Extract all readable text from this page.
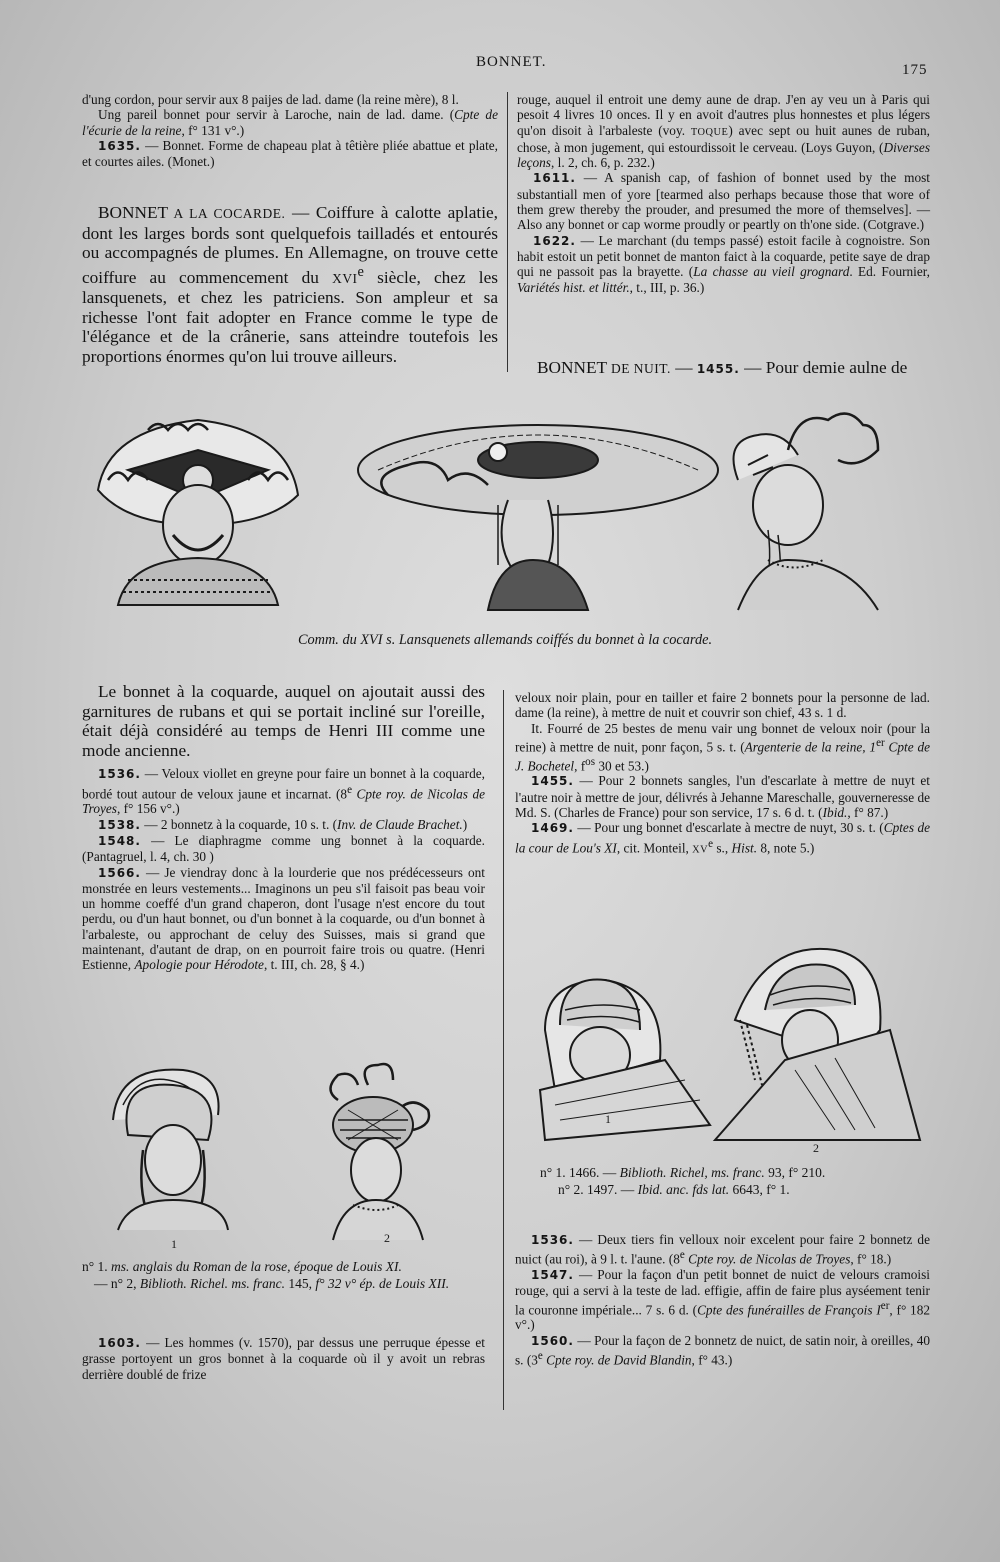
BONNET.	175

d'ung cordon, pour servir aux 8 paijes de lad. dame (la reine mère), 8 l.

Ung pareil bonnet pour servir à Laroche, nain de lad. dame. (Cpte de l'écurie de la reine, f° 131 v°.)

1635. — Bonnet. Forme de chapeau plat à têtière pliée abattue et plate, et courtes ailes. (Monet.)

BONNET A LA COCARDE. — Coiffure à calotte aplatie, dont les larges bords sont quelquefois tailladés et entourés ou accompagnés de plumes. En Allemagne, on trouve cette coiffure au commencement du XVIe siècle, chez les lansquenets, et chez les patriciens. Son ampleur et sa richesse l'ont fait adopter en France comme le type de l'élégance et de la crânerie, sans atteindre toutefois les proportions énormes qu'on lui trouve ailleurs.

rouge, auquel il entroit une demy aune de drap. J'en ay veu un à Paris qui pesoit 4 livres 10 onces. Il y en avoit d'autres plus honnestes et plus légers qu'on disoit à l'arbaleste (voy. TOQUE) avec sept ou huit aunes de ruban, chose, à mon jugement, qui estourdissoit le cerveau. (Loys Guyon, (Diverses leçons, l. 2, ch. 6, p. 232.)

1611. — A spanish cap, of fashion of bonnet used by the most substantiall men of yore [tearmed also perhaps because those that wore of them grew thereby the prouder, and presumed the more of themselves]. — Also any bonnet or cap worme proudly or peartly on th'one side. (Cotgrave.)

1622. — Le marchant (du temps passé) estoit facile à cognoistre. Son habit estoit un petit bonnet de manton faict à la coquarde, petite saye de drap qui ne passoit pas la brayette. (La chasse au vieil grognard. Ed. Fournier, Variétés hist. et littér., t., III, p. 36.)

BONNET DE NUIT. — 1455. — Pour demie aulne de

Comm. du XVI s. Lansquenets allemands coiffés du bonnet à la cocarde.

Le bonnet à la coquarde, auquel on ajoutait aussi des garnitures de rubans et qui se portait incliné sur l'oreille, était déjà considéré au temps de Henri III comme une mode ancienne.

1536. — Veloux viollet en greyne pour faire un bonnet à la coquarde, bordé tout autour de veloux jaune et incarnat. (8e Cpte roy. de Nicolas de Troyes, f° 156 v°.)

1538. — 2 bonnetz à la coquarde, 10 s. t. (Inv. de Claude Brachet.)

1548. — Le diaphragme comme ung bonnet à la coquarde. (Pantagruel, l. 4, ch. 30 )

1566. — Je viendray donc à la lourderie que nos prédécesseurs ont monstrée en leurs vestements... Imaginons un peu s'il faisoit pas beau voir un homme coeffé d'un grand chaperon, dont l'usage n'est encore du tout perdu, ou d'un haut bonnet, ou d'un bonnet à la coquarde, ou d'un bonnet à l'arbaleste, ou approchant de celuy des Suisses, mais si grand que maintenant, d'autant de drap, on en pourroit faire trois ou quatre. (Henri Estienne, Apologie pour Hérodote, t. III, ch. 28, § 4.)

veloux noir plain, pour en tailler et faire 2 bonnets pour la personne de lad. dame (la reine), à mettre de nuit et couvrir son chief, 43 s. 1 d.

It. Fourré de 25 bestes de menu vair ung bonnet de veloux noir (pour la reine) à mettre de nuit, ponr façon, 5 s. t. (Argenterie de la reine, 1er Cpte de J. Bochetel, $f^{os}$ 30 et 53.)

1455. — Pour 2 bonnets sangles, l'un d'escarlate à mettre de nuyt et l'autre noir à mettre de jour, délivrés à Jehanne Mareschalle, gouverneresse de Md. S. (Charles de France) pour son service, 17 s. 6 d. t. (Ibid., f° 87.)

1469. — Pour ung bonnet d'escarlate à mectre de nuyt, 30 s. t. (Cptes de la cour de Lou's XI, cit. Monteil, XVe s., Hist. 8, note 5.)

1
2
n° 1. 1466. — Biblioth. Richel, ms. franc. 93, f° 210.
n° 2. 1497. — Ibid. anc. fds lat. 6643, f° 1.
1	2
n° 1. ms. anglais du Roman de la rose, époque de Louis XI.
— n° 2, Biblioth. Richel. ms. franc. 145, f° 32 v° ép. de Louis XII.

1603. — Les hommes (v. 1570), par dessus une perruque épesse et grasse portoyent un gros bonnet à la coquarde où il y avoit un rebras derrière doublé de frize

1536. — Deux tiers fin velloux noir excelent pour faire 2 bonnetz de nuict (au roi), à 9 l. t. l'aune. (8e Cpte roy. de Nicolas de Troyes, f° 18.)

1547. — Pour la façon d'un petit bonnet de nuict de velours cramoisi rouge, qui a servi à la teste de lad. effigie, affin de faire plus ayséement tenir la couronne impériale... 7 s. 6 d. (Cpte des funérailles de François Ier, f° 182 v°.)

1560. — Pour la façon de 2 bonnetz de nuict, de satin noir, à oreilles, 40 s. (3e Cpte roy. de David Blandin, f° 43.)
